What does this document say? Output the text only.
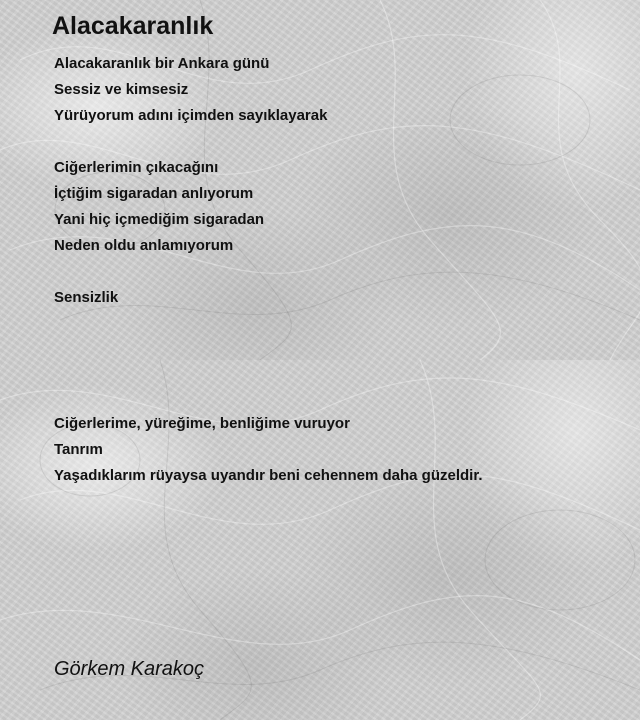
Alacakaranlık
Alacakaranlık bir Ankara günü
Sessiz ve kimsesiz
Yürüyorum adını içimden sayıklayarak
Ciğerlerimin çıkacağını
İçtiğim sigaradan anlıyorum
Yani hiç içmediğim sigaradan
Neden oldu anlamıyorum
Sensizlik
Ciğerlerime, yüreğime, benliğime vuruyor
Tanrım
Yaşadıklarım rüyaysa uyandır beni cehennem daha güzeldir.
Görkem Karakoç
